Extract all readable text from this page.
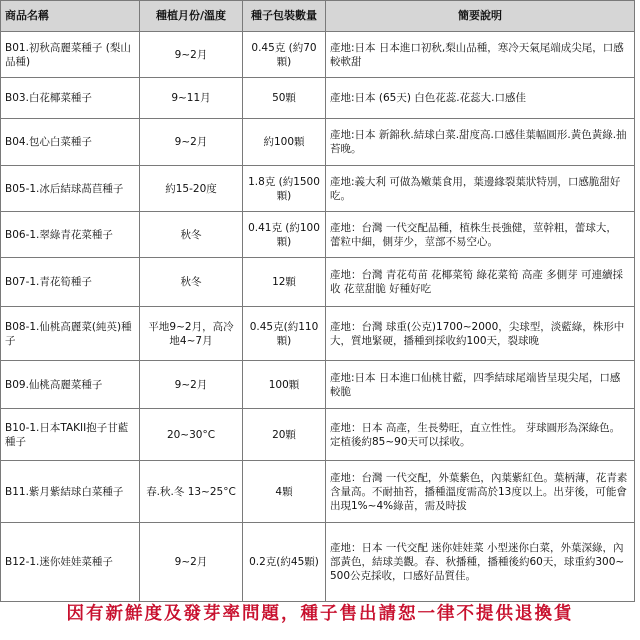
商品名稱	種植月份/溫度	種子包裝數量	簡要說明
B01.初秋高麗菜種子 (梨山品種)	9~2月	0.45克 (約70顆)	產地:日本 日本進口初秋,梨山品種，寒冷天氣尾端成尖尾，口感較軟甜
B03.白花椰菜種子	9~11月	50顆	產地:日本 (65天) 白色花蕊.花蕊大.口感佳
B04.包心白菜種子	9~2月	約100顆	產地:日本 新錦秋.結球白菜.甜度高.口感佳葉幅圓形.黃色黃綠.抽苔晚。
B05-1.冰后結球萵苣種子	約15-20度	1.8克 (約1500顆)	產地:義大利 可做為嫩葉食用，葉邊緣裂葉狀特別，口感脆甜好吃。
B06-1.翠綠青花菜種子	秋冬	0.41克 (約100顆)	產地：台灣 一代交配品種，植株生長強健，莖幹粗，蕾球大， 蕾粒中細，側芽少，莖部不易空心。
B07-1.青花筍種子	秋冬	12顆	產地：台灣 青花苟苗 花椰菜筍 綠花菜筍 高產 多側芽 可連續採收 花莖甜脆 好種好吃
B08-1.仙桃高麗菜(純英)種子	平地9~2月，高冷地4~7月	0.45克(約110顆)	產地：台灣 球重(公克)1700~2000，尖球型，淡藍綠，株形中大，質地緊硬，播種到採收約100天，裂球晚
B09.仙桃高麗菜種子	9~2月	100顆	產地:日本 日本進口仙桃甘藍，四季結球尾端皆呈現尖尾，口感較脆
B10-1.日本TAKII抱子甘藍種子	20~30°C	20顆	產地：日本 高產，生長勢旺，直立性性。 芽球圓形為深綠色。 定植後約85~90天可以採收。
B11.紫月紫結球白菜種子	春.秋.冬 13~25°C	4顆	產地：台灣 一代交配，外葉紫色，內葉紫紅色。葉柄薄，花青素含量高。不耐抽苔，播種溫度需高於13度以上。出芽後，可能會出現1%~4%綠苗，需及時拔
B12-1.迷你娃娃菜種子	9~2月	0.2克(約45顆)	產地：日本 一代交配 迷你娃娃菜 小型迷你白菜，外葉深綠，內部黃色，結球美觀。春、秋播種，播種後約60天，球重約300~500公克採收，口感好品質佳。
因有新鮮度及發芽率問題，種子售出請恕一律不提供退換貨
